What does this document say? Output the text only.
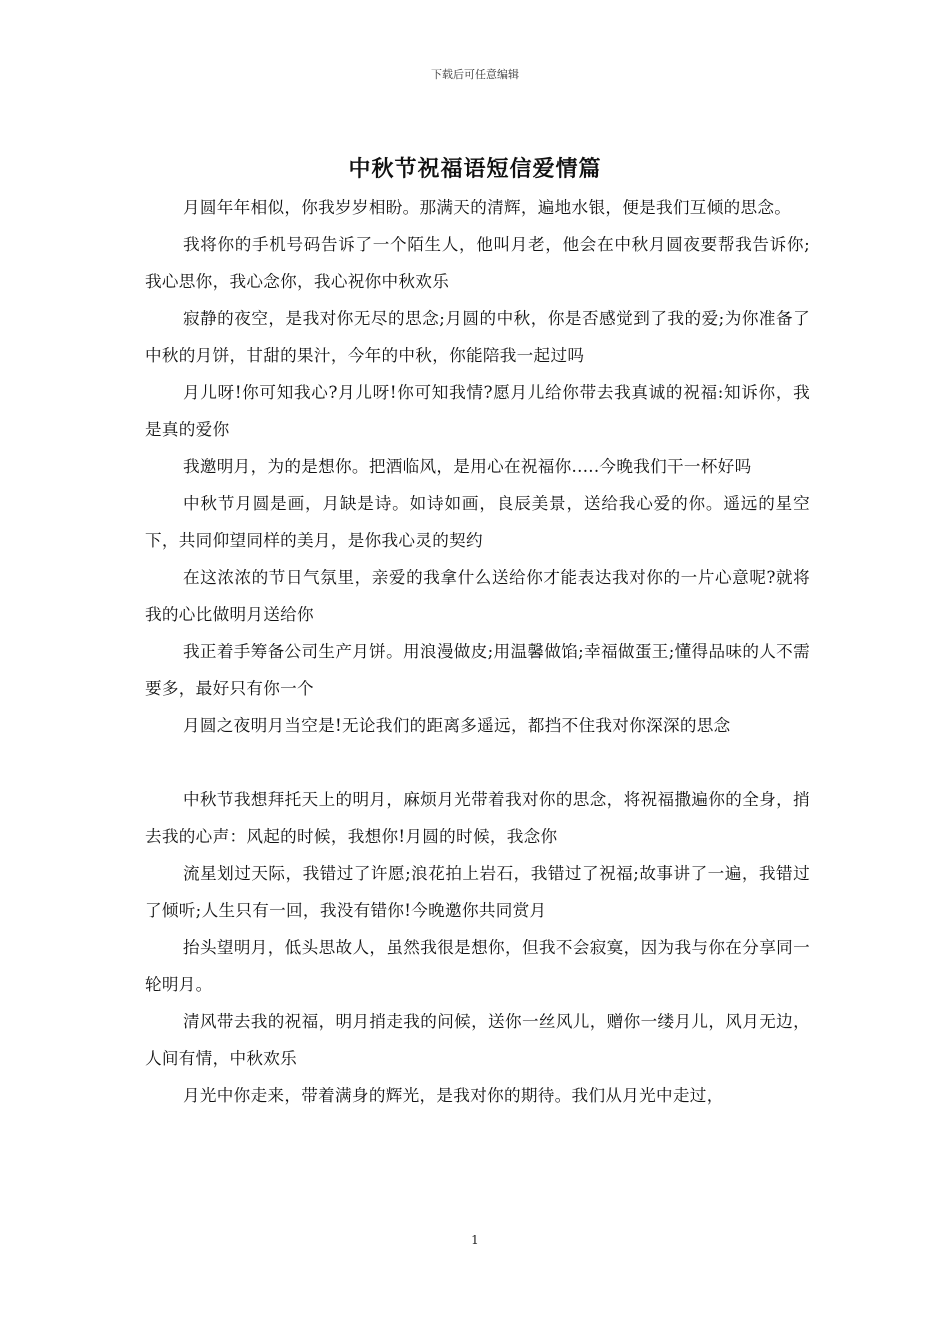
下载后可任意编辑
中秋节祝福语短信爱情篇

月圆年年相似，你我岁岁相盼。那满天的清辉，遍地水银，便是我们互倾的思念。

我将你的手机号码告诉了一个陌生人，他叫月老，他会在中秋月圆夜要帮我告诉你;我心思你，我心念你，我心祝你中秋欢乐

寂静的夜空，是我对你无尽的思念;月圆的中秋，你是否感觉到了我的爱;为你准备了中秋的月饼，甘甜的果汁，今年的中秋，你能陪我一起过吗

月儿呀!你可知我心?月儿呀!你可知我情?愿月儿给你带去我真诚的祝福:知诉你，我是真的爱你

我邀明月，为的是想你。把酒临风，是用心在祝福你.....今晚我们干一杯好吗

中秋节月圆是画，月缺是诗。如诗如画，良辰美景，送给我心爱的你。遥远的星空下，共同仰望同样的美月，是你我心灵的契约

在这浓浓的节日气氛里，亲爱的我拿什么送给你才能表达我对你的一片心意呢?就将我的心比做明月送给你

我正着手筹备公司生产月饼。用浪漫做皮;用温馨做馅;幸福做蛋王;懂得品味的人不需要多，最好只有你一个

月圆之夜明月当空是!无论我们的距离多遥远，都挡不住我对你深深的思念

中秋节我想拜托天上的明月，麻烦月光带着我对你的思念，将祝福撒遍你的全身，捎去我的心声：风起的时候，我想你!月圆的时候，我念你

流星划过天际，我错过了许愿;浪花拍上岩石，我错过了祝福;故事讲了一遍，我错过了倾听;人生只有一回，我没有错你!今晚邀你共同赏月

抬头望明月，低头思故人，虽然我很是想你，但我不会寂寞，因为我与你在分享同一轮明月。

清风带去我的祝福，明月捎走我的问候，送你一丝风儿，赠你一缕月儿，风月无边，人间有情，中秋欢乐

月光中你走来，带着满身的辉光，是我对你的期待。我们从月光中走过，

1
